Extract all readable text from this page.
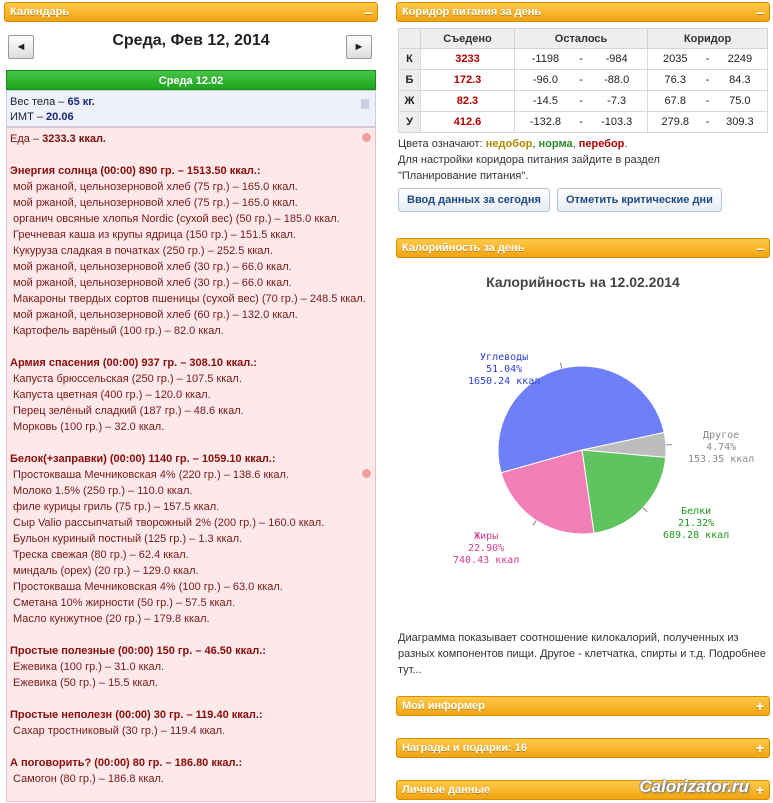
Календарь	–
◄	Среда, Фев 12, 2014	►
Среда 12.02
Вес тела – 65 кг.
ИМТ – 20.06
Еда – 3233.3 ккал.
Энергия солнца (00:00) 890 гр. – 1513.50 ккал.:
мой ржаной, цельнозерновой хлеб (75 гр.) – 165.0 ккал.
мой ржаной, цельнозерновой хлеб (75 гр.) – 165.0 ккал.
органич овсяные хлопья Nordic (сухой вес) (50 гр.) – 185.0 ккал.
Гречневая каша из крупы ядрица (150 гр.) – 151.5 ккал.
Кукуруза сладкая в початках (250 гр.) – 252.5 ккал.
мой ржаной, цельнозерновой хлеб (30 гр.) – 66.0 ккал.
мой ржаной, цельнозерновой хлеб (30 гр.) – 66.0 ккал.
Макароны твердых сортов пшеницы (сухой вес) (70 гр.) – 248.5 ккал.
мой ржаной, цельнозерновой хлеб (60 гр.) – 132.0 ккал.
Картофель варёный (100 гр.) – 82.0 ккал.
Армия спасения (00:00) 937 гр. – 308.10 ккал.:
Капуста брюссельская (250 гр.) – 107.5 ккал.
Капуста цветная (400 гр.) – 120.0 ккал.
Перец зелёный сладкий (187 гр.) – 48.6 ккал.
Морковь (100 гр.) – 32.0 ккал.
Белок(+заправки) (00:00) 1140 гр. – 1059.10 ккал.:
Простокваша Мечниковская 4% (220 гр.) – 138.6 ккал.
Молоко 1.5% (250 гр.) – 110.0 ккал.
филе курицы гриль (75 гр.) – 157.5 ккал.
Сыр Valio рассыпчатый творожный 2% (200 гр.) – 160.0 ккал.
Бульон куриный постный (125 гр.) – 1.3 ккал.
Треска свежая (80 гр.) – 62.4 ккал.
миндаль (орех) (20 гр.) – 129.0 ккал.
Простокваша Мечниковская 4% (100 гр.) – 63.0 ккал.
Сметана 10% жирности (50 гр.) – 57.5 ккал.
Масло кунжутное (20 гр.) – 179.8 ккал.
Простые полезные (00:00) 150 гр. – 46.50 ккал.:
Ежевика (100 гр.) – 31.0 ккал.
Ежевика (50 гр.) – 15.5 ккал.
Простые неполезн (00:00) 30 гр. – 119.40 ккал.:
Сахар тростниковый (30 гр.) – 119.4 ккал.
А поговорить? (00:00) 80 гр. – 186.80 ккал.:
Самогон (80 гр.) – 186.8 ккал.
Коридор питания за день	–
	Съедено	Осталось			Коридор		
К	3233	-1198	-	-984	2035	-	2249
Б	172.3	-96.0	-	-88.0	76.3	-	84.3
Ж	82.3	-14.5	-	-7.3	67.8	-	75.0
У	412.6	-132.8	-	-103.3	279.8	-	309.3
Цвета означают: недобор, норма, перебор.
Для настройки коридора питания зайдите в раздел "Планирование питания".
Ввод данных за сегодня Отметить критические дни
Калорийность за день	–
Калорийность на 12.02.2014
Углеводы
51.04%
1650.24 ккал
Другое
4.74%
153.35 ккал
Белки
21.32%
689.28 ккал
Жиры
22.90%
740.43 ккал
Диаграмма показывает соотношение килокалорий, полученных из разных компонентов пищи. Другое - клетчатка, спирты и т.д. Подробнее тут...
Мой информер	+
Награды и подарки: 16	+
Личные данные	+
Calorizator.ru
